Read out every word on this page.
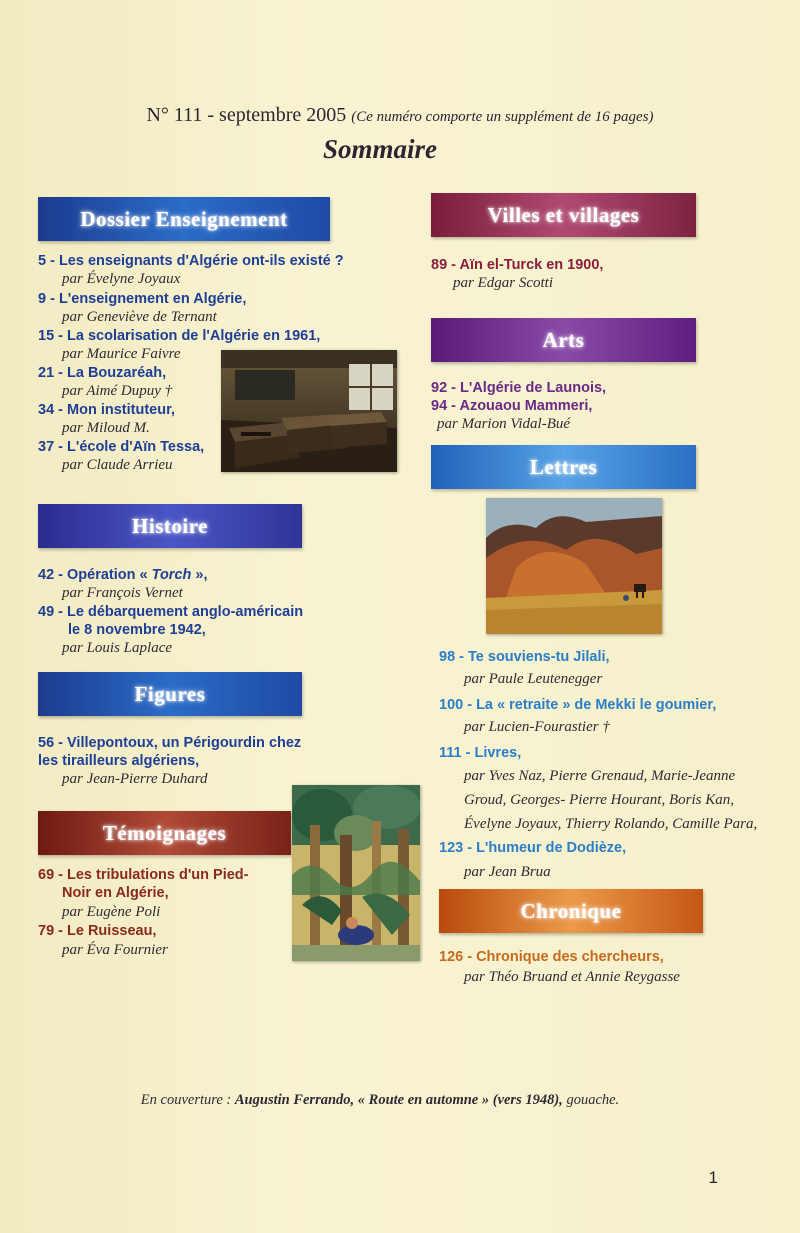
N° 111 - septembre 2005 (Ce numéro comporte un supplément de 16 pages)
Sommaire
Dossier Enseignement
5 - Les enseignants d'Algérie ont-ils existé ?
par Évelyne Joyaux
9 - L'enseignement en Algérie,
par Geneviève de Ternant
15 - La scolarisation de l'Algérie en 1961,
par Maurice Faivre
21 - La Bouzaréah,
par Aimé Dupuy †
34 - Mon instituteur,
par Miloud M.
37 - L'école d'Aïn Tessa,
par Claude Arrieu
Histoire
42 - Opération « Torch »,
par François Vernet
49 - Le débarquement anglo-américain
le 8 novembre 1942,
par Louis Laplace
Figures
56 - Villepontoux, un Périgourdin chez
les tirailleurs algériens,
par Jean-Pierre Duhard
Témoignages
69 - Les tribulations d'un Pied-
Noir en Algérie,
par Eugène Poli
79 - Le Ruisseau,
par Éva Fournier
Villes et villages
89 - Aïn el-Turck en 1900,
par Edgar Scotti
Arts
92 - L'Algérie de Launois,
94 - Azouaou Mammeri,
par Marion Vidal-Bué
Lettres
98 - Te souviens-tu Jilali,
par Paule Leutenegger
100 - La « retraite » de Mekki le goumier,
par Lucien-Fourastier †
111 - Livres,
par Yves Naz, Pierre Grenaud, Marie-Jeanne
Groud, Georges- Pierre Hourant, Boris Kan,
Évelyne Joyaux, Thierry Rolando, Camille Para,
123 - L'humeur de Dodièze,
par Jean Brua
Chronique
126 - Chronique des chercheurs,
par Théo Bruand et Annie Reygasse
En couverture : Augustin Ferrando, « Route en automne » (vers 1948), gouache.
1
